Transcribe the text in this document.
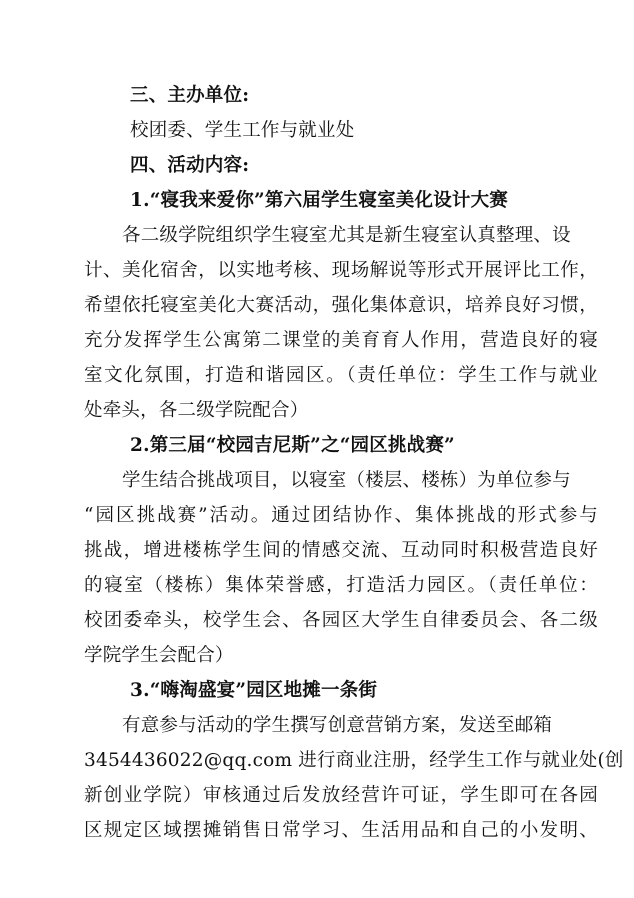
三、主办单位:
校团委、学生工作与就业处
四、活动内容:
1.“寝我来爱你”第六届学生寝室美化设计大赛
各二级学院组织学生寝室尤其是新生寝室认真整理、设
计、美化宿舍，以实地考核、现场解说等形式开展评比工作，
希望依托寝室美化大赛活动，强化集体意识，培养良好习惯，
充分发挥学生公寓第二课堂的美育育人作用，营造良好的寝
室文化氛围，打造和谐园区。（责任单位：学生工作与就业
处牵头，各二级学院配合）
2.第三届“校园吉尼斯”之“园区挑战赛”
学生结合挑战项目，以寝室（楼层、楼栋）为单位参与
“园区挑战赛”活动。通过团结协作、集体挑战的形式参与
挑战，增进楼栋学生间的情感交流、互动同时积极营造良好
的寝室（楼栋）集体荣誉感，打造活力园区。（责任单位：
校团委牵头，校学生会、各园区大学生自律委员会、各二级
学院学生会配合）
3.“嗨淘盛宴”园区地摊一条街
有意参与活动的学生撰写创意营销方案，发送至邮箱
3454436022@qq.com 进行商业注册，经学生工作与就业处(创
新创业学院）审核通过后发放经营许可证，学生即可在各园
区规定区域摆摊销售日常学习、生活用品和自己的小发明、
